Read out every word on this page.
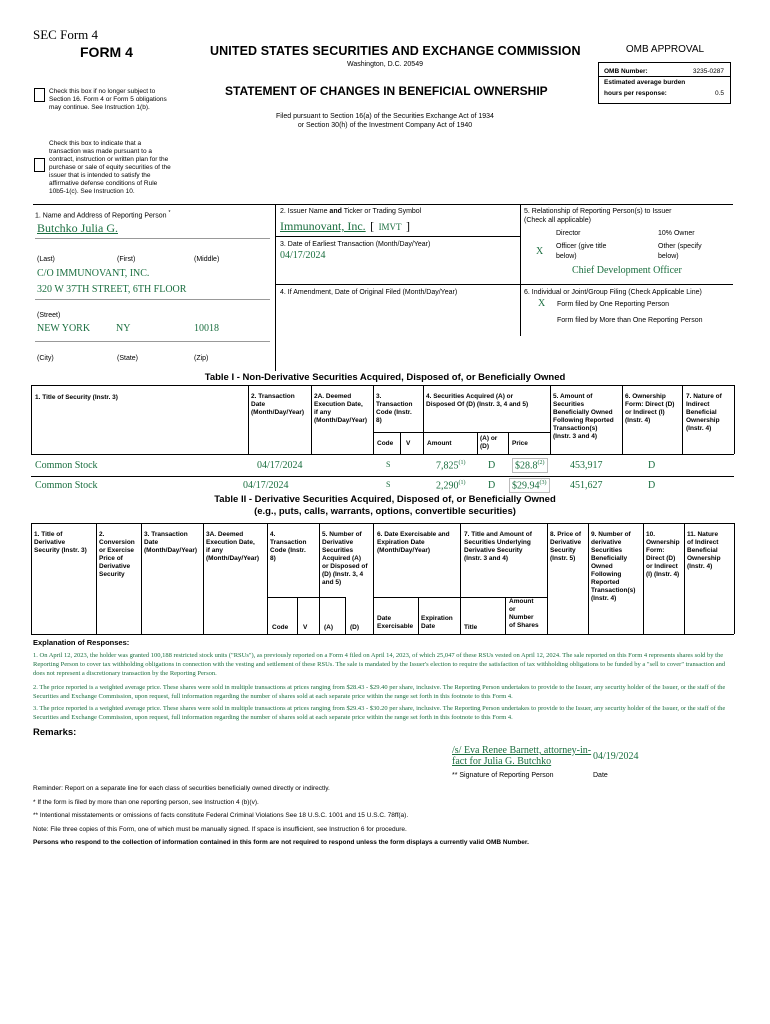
SEC Form 4
FORM 4	UNITED STATES SECURITIES AND EXCHANGE COMMISSION
Washington, D.C. 20549
STATEMENT OF CHANGES IN BENEFICIAL OWNERSHIP
Filed pursuant to Section 16(a) of the Securities Exchange Act of 1934
or Section 30(h) of the Investment Company Act of 1940
OMB APPROVAL
OMB Number:	3235-0287
Estimated average burden
hours per response:	0.5
Check this box if no longer subject to
Section 16. Form 4 or Form 5 obligations
may continue. See Instruction 1(b).
Check this box to indicate that a
transaction was made pursuant to a
contract, instruction or written plan for the
purchase or sale of equity securities of the
issuer that is intended to satisfy the
affirmative defense conditions of Rule
10b5-1(c). See Instruction 10.
1. Name and Address of Reporting Person *
Butchko Julia G.
(Last)	(First)	(Middle)
C/O IMMUNOVANT, INC.
320 W 37TH STREET, 6TH FLOOR
(Street)
NEW YORK	NY	10018
(City)	(State)	(Zip)
2. Issuer Name and Ticker or Trading Symbol
Immunovant, Inc. [ IMVT ]
3. Date of Earliest Transaction (Month/Day/Year)
04/17/2024
4. If Amendment, Date of Original Filed (Month/Day/Year)
5. Relationship of Reporting Person(s) to Issuer
(Check all applicable)
Director	10% Owner
X Officer (give title
below)
Other (specify
below)
Chief Development Officer
6. Individual or Joint/Group Filing (Check Applicable Line)
X Form filed by One Reporting Person
Form filed by More than One Reporting Person
Table I - Non-Derivative Securities Acquired, Disposed of, or Beneficially Owned
1. Title of Security (Instr. 3)	2. Transaction
Date
(Month/Day/Year)
2A. Deemed
Execution Date,
if any
(Month/Day/Year)
3.
Transaction
Code (Instr.
8)
4. Securities Acquired (A) or
Disposed Of (D) (Instr. 3, 4 and 5)
5. Amount of
Securities
Beneficially Owned
Following Reported
Transaction(s)
(Instr. 3 and 4)
6. Ownership
Form: Direct (D)
or Indirect (I)
(Instr. 4)
7. Nature of
Indirect
Beneficial
Ownership
(Instr. 4)
Code V	Amount
(A) or
(D)	Price
Common Stock	04/17/2024	S	7,825$^{(1)}$ D	$28.8$^{(2)}$	453,917	D
Common Stock	04/17/2024	S	2,290$^{(1)}$ D	$29.94$^{(3)}$	451,627	D
Table II - Derivative Securities Acquired, Disposed of, or Beneficially Owned
(e.g., puts, calls, warrants, options, convertible securities)
1. Title of
Derivative
Security (Instr. 3)
2.
Conversion
or Exercise
Price of
Derivative
Security
3. Transaction
Date
(Month/Day/Year)
3A. Deemed
Execution Date,
if any
(Month/Day/Year)
4.
Transaction
Code (Instr.
8)
5. Number of
Derivative
Securities
Acquired (A)
or Disposed of
(D) (Instr. 3, 4
and 5)
6. Date Exercisable and
Expiration Date
(Month/Day/Year)
7. Title and Amount of
Securities Underlying
Derivative Security
(Instr. 3 and 4)
8. Price of
Derivative
Security
(Instr. 5)
9. Number of
derivative
Securities
Beneficially
Owned
Following
Reported
Transaction(s)
(Instr. 4)
10.
Ownership
Form:
Direct (D)
or Indirect
(I) (Instr. 4)
11. Nature
of Indirect
Beneficial
Ownership
(Instr. 4)
Code V	(A)	(D)
Date
Exercisable
Expiration
Date	Title
Amount
or
Number
of Shares
Explanation of Responses:
1. On April 12, 2023, the holder was granted 100,188 restricted stock units ("RSUs"), as previously reported on a Form 4 filed on April 14, 2023, of which 25,047 of these RSUs vested on April 12, 2024. The sale reported on this Form 4 represents shares sold by the Reporting Person to cover tax withholding obligations in connection with the vesting and settlement of these RSUs. The sale is mandated by the Issuer's election to require the satisfaction of tax withholding obligations to be funded by a "sell to cover" transaction and does not represent a discretionary transaction by the Reporting Person.
2. The price reported is a weighted average price. These shares were sold in multiple transactions at prices ranging from $28.43 - $29.40 per share, inclusive. The Reporting Person undertakes to provide to the Issuer, any security holder of the Issuer, or the staff of the Securities and Exchange Commission, upon request, full information regarding the number of shares sold at each separate price within the range set forth in this footnote to this Form 4.
3. The price reported is a weighted average price. These shares were sold in multiple transactions at prices ranging from $29.43 - $30.20 per share, inclusive. The Reporting Person undertakes to provide to the Issuer, any security holder of the Issuer, or the staff of the Securities and Exchange Commission, upon request, full information regarding the number of shares sold at each separate price within the range set forth in this footnote to this Form 4.
Remarks:
/s/ Eva Renee Barnett, attorney-in-
fact for Julia G. Butchko	04/19/2024
** Signature of Reporting Person	Date
Reminder: Report on a separate line for each class of securities beneficially owned directly or indirectly.
* If the form is filed by more than one reporting person, see Instruction 4 (b)(v).
** Intentional misstatements or omissions of facts constitute Federal Criminal Violations See 18 U.S.C. 1001 and 15 U.S.C. 78ff(a).
Note: File three copies of this Form, one of which must be manually signed. If space is insufficient, see Instruction 6 for procedure.
Persons who respond to the collection of information contained in this form are not required to respond unless the form displays a currently valid OMB Number.
